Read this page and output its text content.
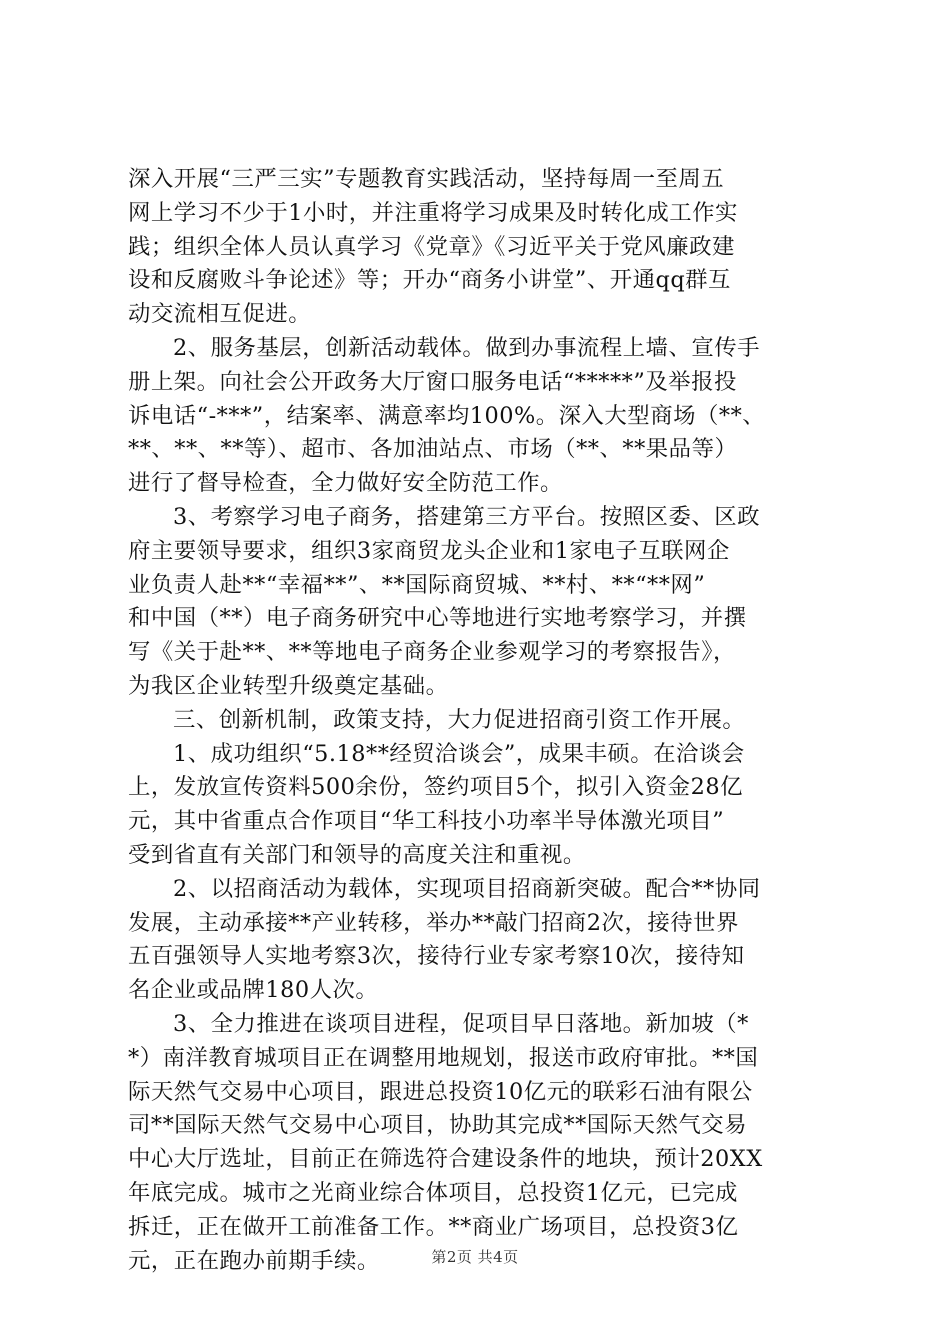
深入开展“三严三实”专题教育实践活动，坚持每周一至周五
网上学习不少于1小时，并注重将学习成果及时转化成工作实
践；组织全体人员认真学习《党章》《习近平关于党风廉政建
设和反腐败斗争论述》等；开办“商务小讲堂”、开通qq群互
动交流相互促进。
2、服务基层，创新活动载体。做到办事流程上墙、宣传手
册上架。向社会公开政务大厅窗口服务电话“*****”及举报投
诉电话“-***”，结案率、满意率均100%。深入大型商场（**、
**、**、**等）、超市、各加油站点、市场（**、**果品等）
进行了督导检查，全力做好安全防范工作。
3、考察学习电子商务，搭建第三方平台。按照区委、区政
府主要领导要求，组织3家商贸龙头企业和1家电子互联网企
业负责人赴**“幸福**”、**国际商贸城、**村、**“**网”
和中国（**）电子商务研究中心等地进行实地考察学习，并撰
写《关于赴**、**等地电子商务企业参观学习的考察报告》，
为我区企业转型升级奠定基础。
三、创新机制，政策支持，大力促进招商引资工作开展。
1、成功组织“5.18**经贸洽谈会”，成果丰硕。在洽谈会
上，发放宣传资料500余份，签约项目5个，拟引入资金28亿
元，其中省重点合作项目“华工科技小功率半导体激光项目”
受到省直有关部门和领导的高度关注和重视。
2、以招商活动为载体，实现项目招商新突破。配合**协同
发展，主动承接**产业转移，举办**敲门招商2次，接待世界
五百强领导人实地考察3次，接待行业专家考察10次，接待知
名企业或品牌180人次。
3、全力推进在谈项目进程，促项目早日落地。新加坡（*
*）南洋教育城项目正在调整用地规划，报送市政府审批。**国
际天然气交易中心项目，跟进总投资10亿元的联彩石油有限公
司**国际天然气交易中心项目，协助其完成**国际天然气交易
中心大厅选址，目前正在筛选符合建设条件的地块，预计20XX
年底完成。城市之光商业综合体项目，总投资1亿元，已完成
拆迁，正在做开工前准备工作。**商业广场项目，总投资3亿
元，正在跑办前期手续。	第2页 共4页
